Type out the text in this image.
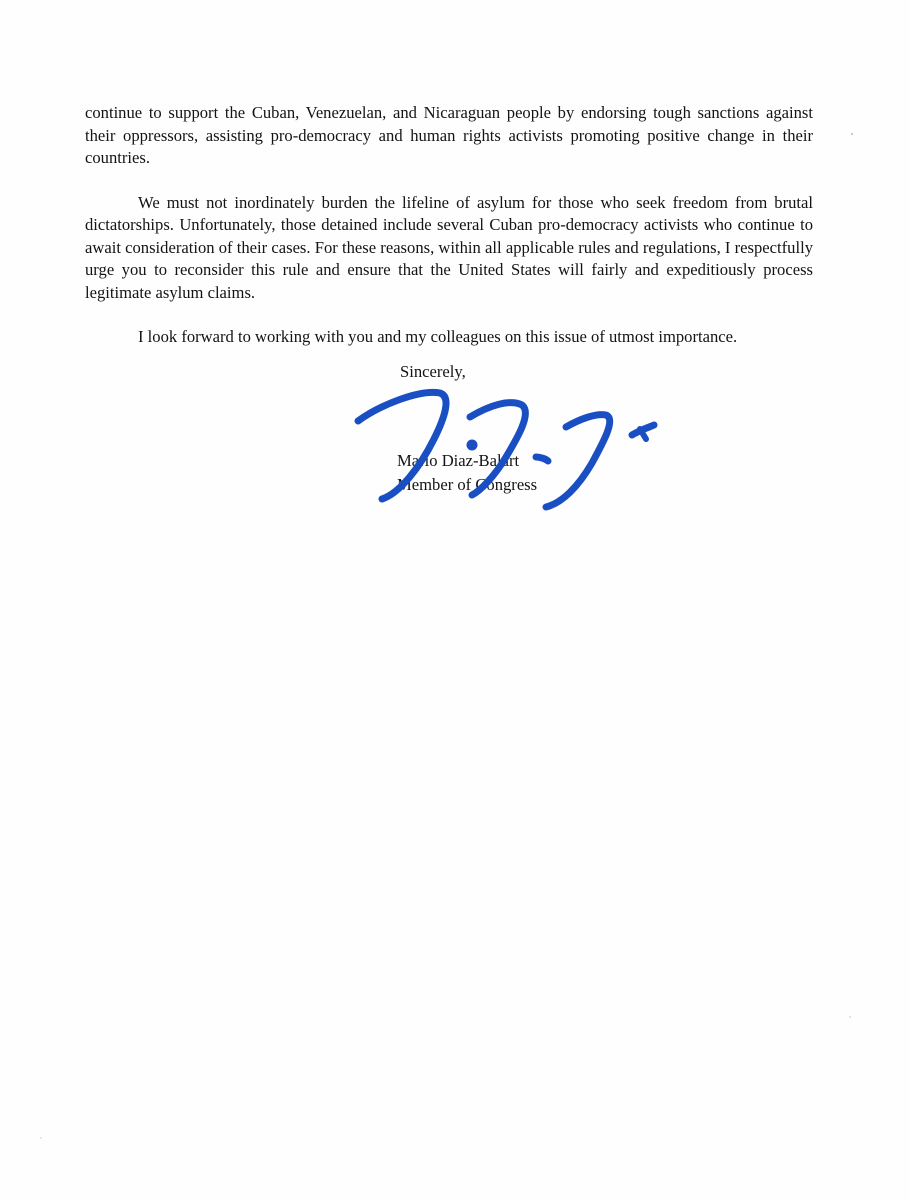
continue to support the Cuban, Venezuelan, and Nicaraguan people by endorsing tough sanctions against their oppressors, assisting pro-democracy and human rights activists promoting positive change in their countries.

We must not inordinately burden the lifeline of asylum for those who seek freedom from brutal dictatorships. Unfortunately, those detained include several Cuban pro-democracy activists who continue to await consideration of their cases. For these reasons, within all applicable rules and regulations, I respectfully urge you to reconsider this rule and ensure that the United States will fairly and expeditiously process legitimate asylum claims.

I look forward to working with you and my colleagues on this issue of utmost importance.

Sincerely,

Mario Diaz-Balart

Member of Congress
